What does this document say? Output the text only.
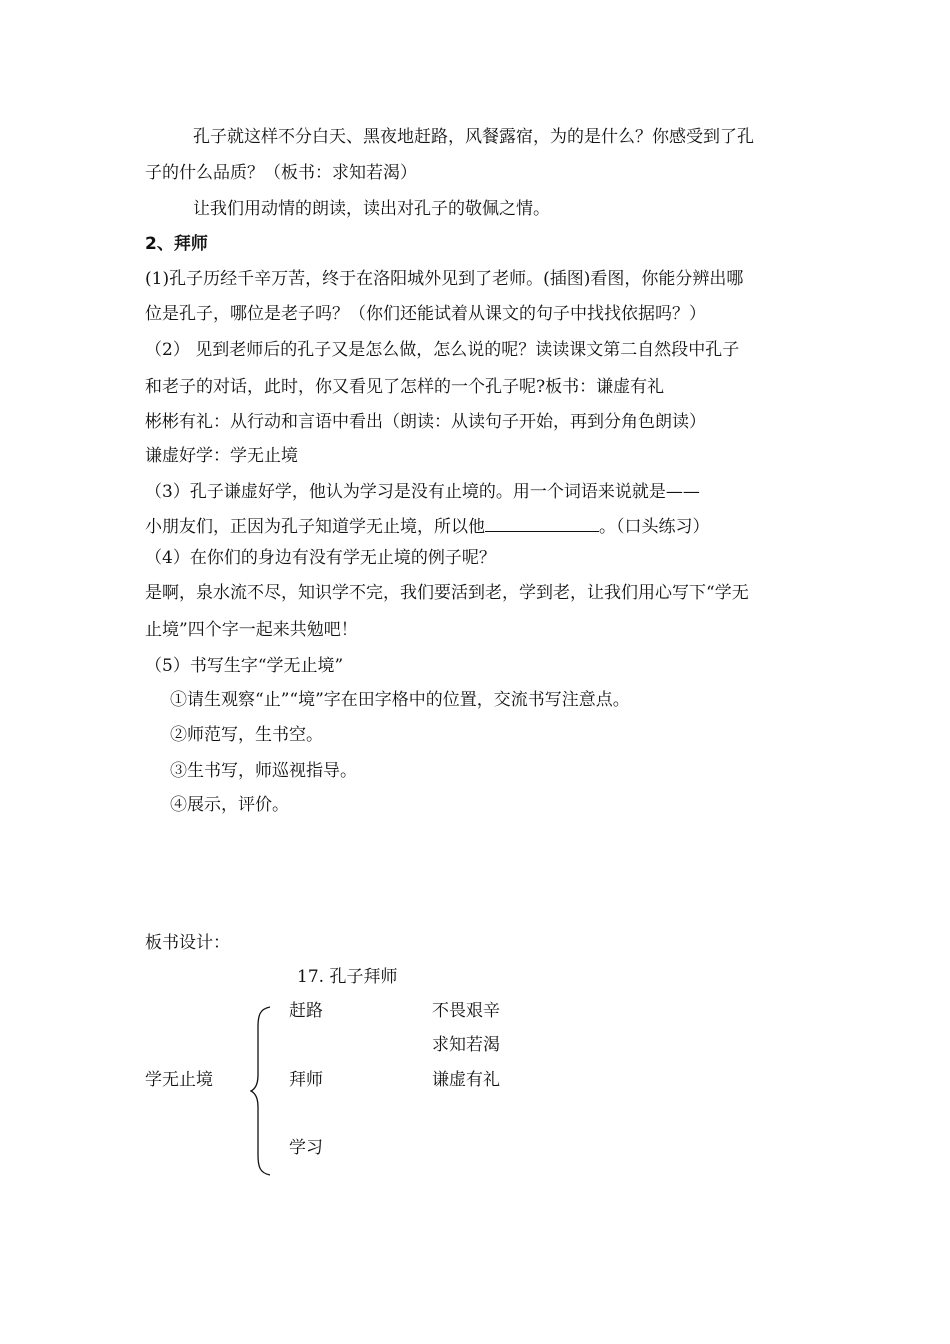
孔子就这样不分白天、黑夜地赶路，风餐露宿，为的是什么？你感受到了孔
子的什么品质？（板书：求知若渴）
让我们用动情的朗读，读出对孔子的敬佩之情。
2、拜师
(1)孔子历经千辛万苦，终于在洛阳城外见到了老师。(插图)看图，你能分辨出哪
位是孔子，哪位是老子吗？（你们还能试着从课文的句子中找找依据吗？）
（2） 见到老师后的孔子又是怎么做，怎么说的呢？读读课文第二自然段中孔子
和老子的对话，此时，你又看见了怎样的一个孔子呢?板书：谦虚有礼
彬彬有礼：从行动和言语中看出（朗读：从读句子开始，再到分角色朗读）
谦虚好学：学无止境
（3）孔子谦虚好学，他认为学习是没有止境的。用一个词语来说就是——
小朋友们，正因为孔子知道学无止境，所以他	。（口头练习）
（4）在你们的身边有没有学无止境的例子呢？
是啊，泉水流不尽，知识学不完，我们要活到老，学到老，让我们用心写下“学无
止境”四个字一起来共勉吧！
（5）书写生字“学无止境”
①请生观察“止”“境”字在田字格中的位置，交流书写注意点。
②师范写，生书空。
③生书写，师巡视指导。
④展示，评价。
板书设计：
17. 孔子拜师
学无止境
赶路	不畏艰辛
求知若渴
拜师	谦虚有礼
学习
